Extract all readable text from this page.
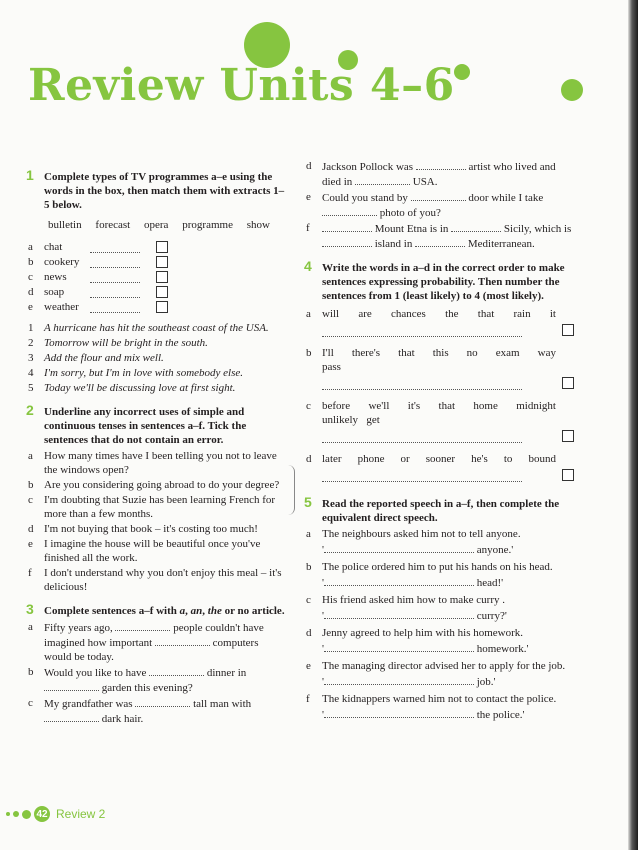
Review Units 4–6
1 Complete types of TV programmes a–e using the words in the box, then match them with extracts 1–5 below.
bulletin forecast opera programme show
a chat
b cookery
c news
d soap
e weather
1 A hurricane has hit the southeast coast of the USA.
2 Tomorrow will be bright in the south.
3 Add the flour and mix well.
4 I'm sorry, but I'm in love with somebody else.
5 Today we'll be discussing love at first sight.
2 Underline any incorrect uses of simple and continuous tenses in sentences a–f. Tick the sentences that do not contain an error.
a How many times have I been telling you not to leave the windows open?
b Are you considering going abroad to do your degree?
c I'm doubting that Suzie has been learning French for more than a few months.
d I'm not buying that book – it's costing too much!
e I imagine the house will be beautiful once you've finished all the work.
f I don't understand why you don't enjoy this meal – it's delicious!
3 Complete sentences a–f with a, an, the or no article.
a Fifty years ago,	people couldn't have imagined how important	computers would be today.
b Would you like to have	dinner in  garden this evening?
c My grandfather was	tall man with  dark hair.
d Jackson Pollock was	artist who lived and died in	USA.
e Could you stand by	door while I take  photo of you?
f	Mount Etna is in	Sicily, which is  island in	Mediterranean.
4 Write the words in a–d in the correct order to make sentences expressing probability. Then number the sentences from 1 (least likely) to 4 (most likely).
a will are chances the that rain it
b I'll there's that this no exam way
pass
c before we'll it's that home midnight
unlikely get
d later phone or sooner he's to bound
5 Read the reported speech in a–f, then complete the equivalent direct speech.
a The neighbours asked him not to tell anyone.
'	anyone.'
b The police ordered him to put his hands on his head.
'	head!'
c His friend asked him how to make curry .
'	curry?'
d Jenny agreed to help him with his homework.
'	homework.'
e The managing director advised her to apply for the job.
'	job.'
f The kidnappers warned him not to contact the police.
'	the police.'
42 Review 2
